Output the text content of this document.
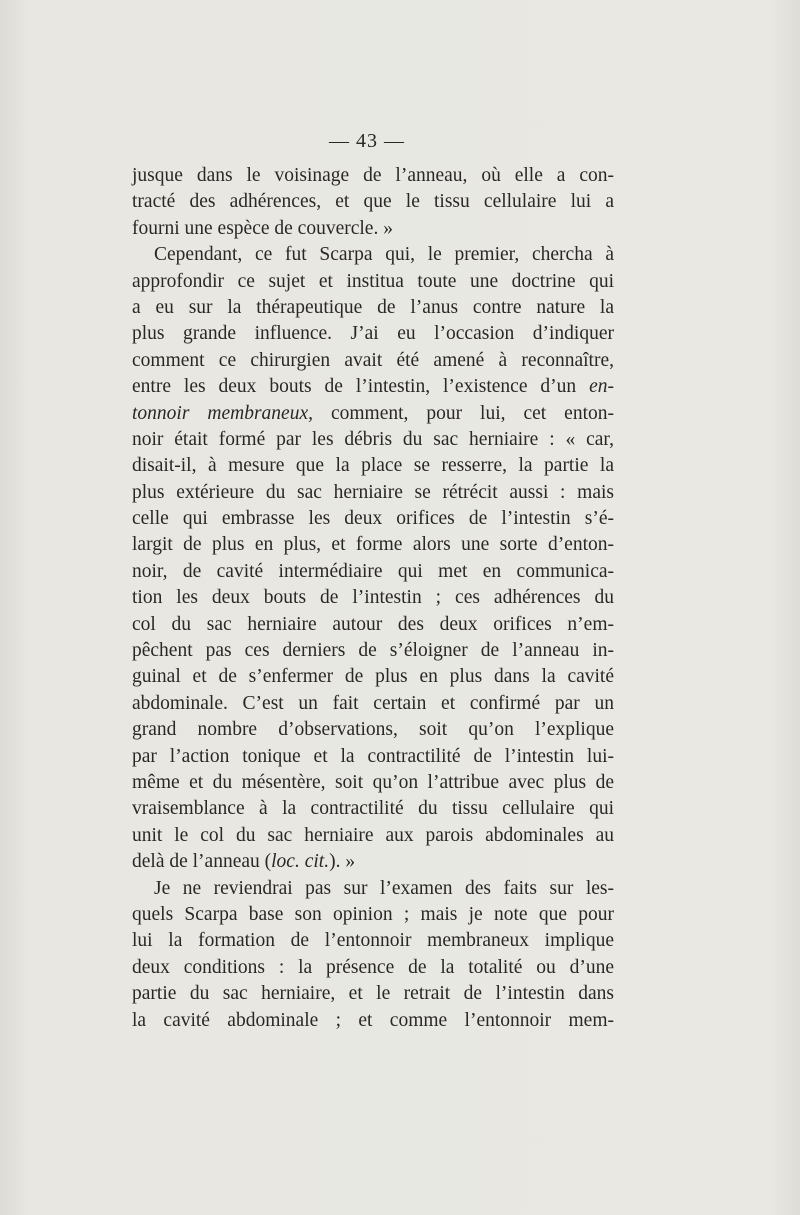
— 43 —
jusque dans le voisinage de l’anneau, où elle a con-
tracté des adhérences, et que le tissu cellulaire lui a
fourni une espèce de couvercle. »
Cependant, ce fut Scarpa qui, le premier, chercha à
approfondir ce sujet et institua toute une doctrine qui
a eu sur la thérapeutique de l’anus contre nature la
plus grande influence. J’ai eu l’occasion d’indiquer
comment ce chirurgien avait été amené à reconnaître,
entre les deux bouts de l’intestin, l’existence d’un en-
tonnoir membraneux, comment, pour lui, cet enton-
noir était formé par les débris du sac herniaire : « car,
disait-il, à mesure que la place se resserre, la partie la
plus extérieure du sac herniaire se rétrécit aussi : mais
celle qui embrasse les deux orifices de l’intestin s’é-
largit de plus en plus, et forme alors une sorte d’enton-
noir, de cavité intermédiaire qui met en communica-
tion les deux bouts de l’intestin ; ces adhérences du
col du sac herniaire autour des deux orifices n’em-
pêchent pas ces derniers de s’éloigner de l’anneau in-
guinal et de s’enfermer de plus en plus dans la cavité
abdominale. C’est un fait certain et confirmé par un
grand nombre d’observations, soit qu’on l’explique
par l’action tonique et la contractilité de l’intestin lui-
même et du mésentère, soit qu’on l’attribue avec plus de
vraisemblance à la contractilité du tissu cellulaire qui
unit le col du sac herniaire aux parois abdominales au
delà de l’anneau (loc. cit.). »
Je ne reviendrai pas sur l’examen des faits sur les-
quels Scarpa base son opinion ; mais je note que pour
lui la formation de l’entonnoir membraneux implique
deux conditions : la présence de la totalité ou d’une
partie du sac herniaire, et le retrait de l’intestin dans
la cavité abdominale ; et comme l’entonnoir mem-
